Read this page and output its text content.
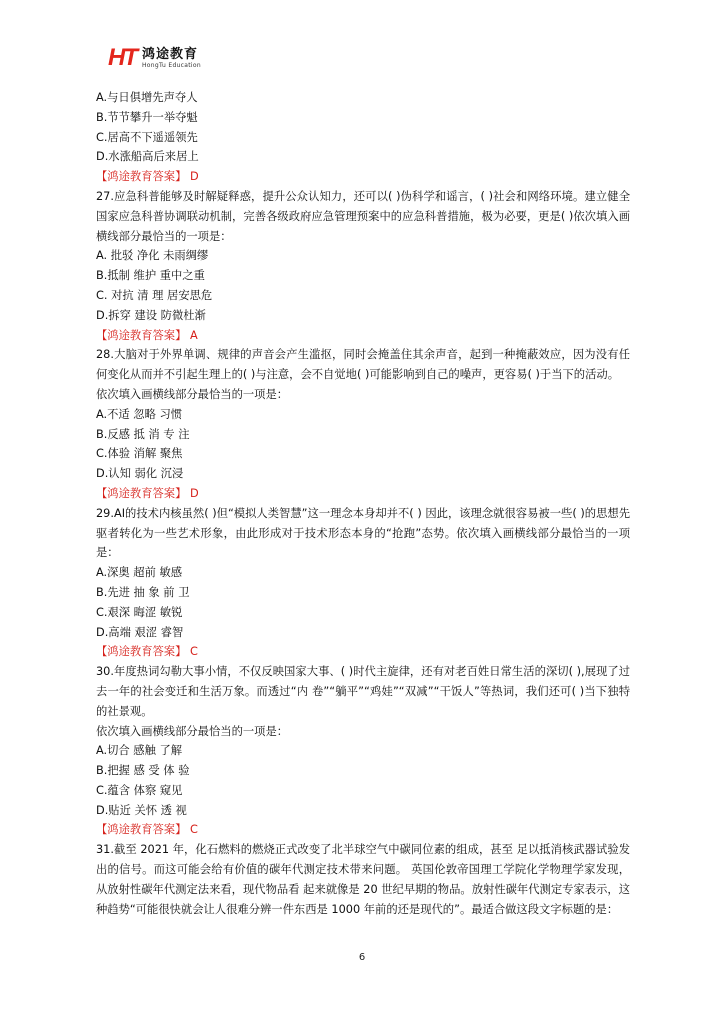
HT 鸿途教育
HongTu Education
A.与日俱增先声夺人
B.节节攀升一举夺魁
C.居高不下遥遥领先
D.水涨船高后来居上
【鸿途教育答案】 D
27.应急科普能够及时解疑释惑，提升公众认知力，还可以( )伪科学和谣言，( )社会和网络环境。建立健全国家应急科普协调联动机制，完善各级政府应急管理预案中的应急科普措施，极为必要，更是( )依次填入画横线部分最恰当的一项是：
A. 批驳 净化 未雨绸缪
B.抵制 维护 重中之重
C. 对抗 清 理 居安思危
D.拆穿 建设 防微杜渐
【鸿途教育答案】 A
28.大脑对于外界单调、规律的声音会产生滥抠，同时会掩盖住其余声音，起到一种掩蔽效应，因为没有任何变化从而并不引起生理上的( )与注意，会不自觉地( )可能影响到自己的噪声，更容易( )于当下的活动。
依次填入画横线部分最恰当的一项是：
A.不适 忽略 习惯
B.反感 抵 消 专 注
C.体验 消解 聚焦
D.认知 弱化 沉浸
【鸿途教育答案】 D
29.AI的技术内核虽然( )但“模拟人类智慧”这一理念本身却并不( ) 因此，该理念就很容易被一些( )的思想先驱者转化为一些艺术形象，由此形成对于技术形态本身的“抢跑”态势。依次填入画横线部分最恰当的一项是：
A.深奥 超前 敏感
B.先进 抽 象 前 卫
C.艰深 晦涩 敏锐
D.高端 艰涩 睿智
【鸿途教育答案】 C
30.年度热词勾勒大事小情，不仅反映国家大事、( )时代主旋律，还有对老百姓日常生活的深切( ),展现了过去一年的社会变迁和生活万象。而透过“内 卷”“躺平”“鸡娃”“双减”“干饭人”等热词，我们还可( )当下独特的社景观。
依次填入画横线部分最恰当的一项是：
A.切合 感触 了解
B.把握 感 受 体 验
C.蕴含 体察 窥见
D.贴近 关怀 透 视
【鸿途教育答案】 C
31.截至 2021 年，化石燃料的燃烧正式改变了北半球空气中碳同位素的组成，甚至 足以抵消核武器试验发出的信号。而这可能会给有价值的碳年代测定技术带来问题。 英国伦敦帝国理工学院化学物理学家发现，从放射性碳年代测定法来看，现代物品看 起来就像是 20 世纪早期的物品。放射性碳年代测定专家表示，这种趋势“可能很快就会让人很难分辨一件东西是 1000 年前的还是现代的”。最适合做这段文字标题的是：
6
